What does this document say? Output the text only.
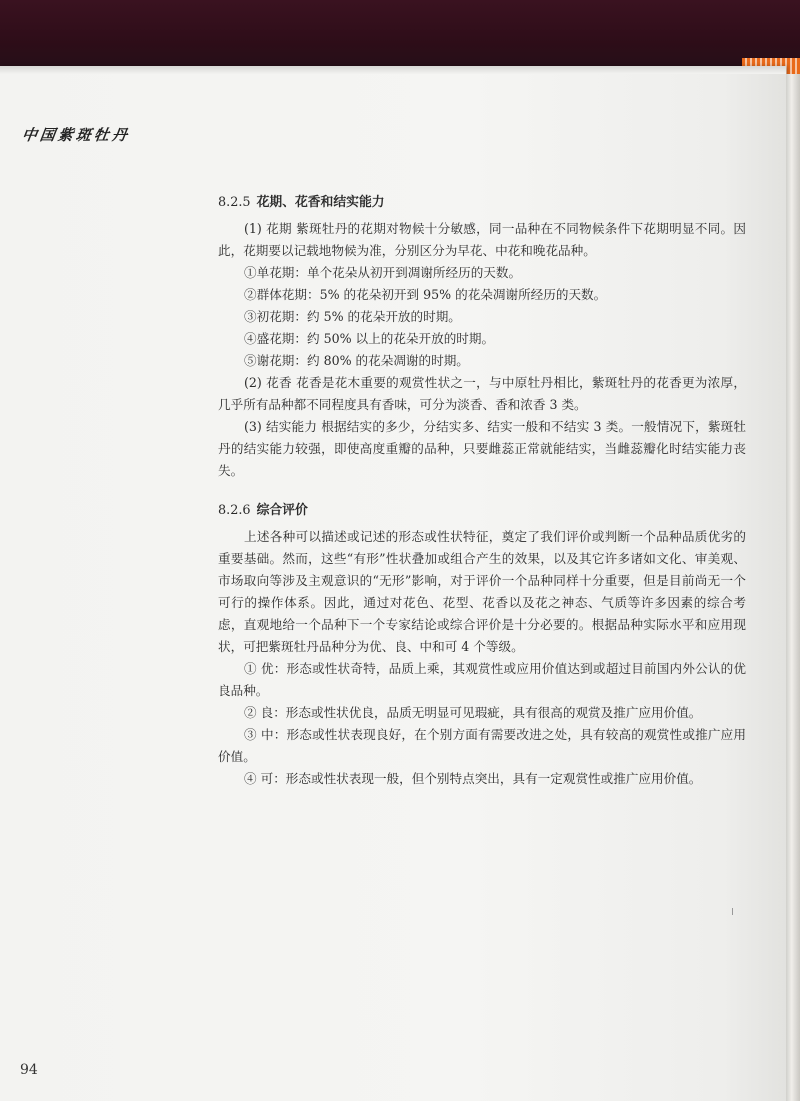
中国紫斑牡丹
8.2.5 花期、花香和结实能力

(1) 花期 紫斑牡丹的花期对物候十分敏感，同一品种在不同物候条件下花期明显不同。因此，花期要以记载地物候为准，分别区分为早花、中花和晚花品种。

①单花期：单个花朵从初开到凋谢所经历的天数。

②群体花期：5% 的花朵初开到 95% 的花朵凋谢所经历的天数。

③初花期：约 5% 的花朵开放的时期。

④盛花期：约 50% 以上的花朵开放的时期。

⑤谢花期：约 80% 的花朵凋谢的时期。

(2) 花香 花香是花木重要的观赏性状之一，与中原牡丹相比，紫斑牡丹的花香更为浓厚，几乎所有品种都不同程度具有香味，可分为淡香、香和浓香 3 类。

(3) 结实能力 根据结实的多少，分结实多、结实一般和不结实 3 类。一般情况下，紫斑牡丹的结实能力较强，即使高度重瓣的品种，只要雌蕊正常就能结实，当雌蕊瓣化时结实能力丧失。

8.2.6 综合评价

上述各种可以描述或记述的形态或性状特征，奠定了我们评价或判断一个品种品质优劣的重要基础。然而，这些“有形”性状叠加或组合产生的效果，以及其它许多诸如文化、审美观、市场取向等涉及主观意识的“无形”影响，对于评价一个品种同样十分重要，但是目前尚无一个可行的操作体系。因此，通过对花色、花型、花香以及花之神态、气质等许多因素的综合考虑，直观地给一个品种下一个专家结论或综合评价是十分必要的。根据品种实际水平和应用现状，可把紫斑牡丹品种分为优、良、中和可 4 个等级。

① 优：形态或性状奇特，品质上乘，其观赏性或应用价值达到或超过目前国内外公认的优良品种。

② 良：形态或性状优良，品质无明显可见瑕疵，具有很高的观赏及推广应用价值。

③ 中：形态或性状表现良好，在个别方面有需要改进之处，具有较高的观赏性或推广应用价值。

④ 可：形态或性状表现一般，但个别特点突出，具有一定观赏性或推广应用价值。

94
